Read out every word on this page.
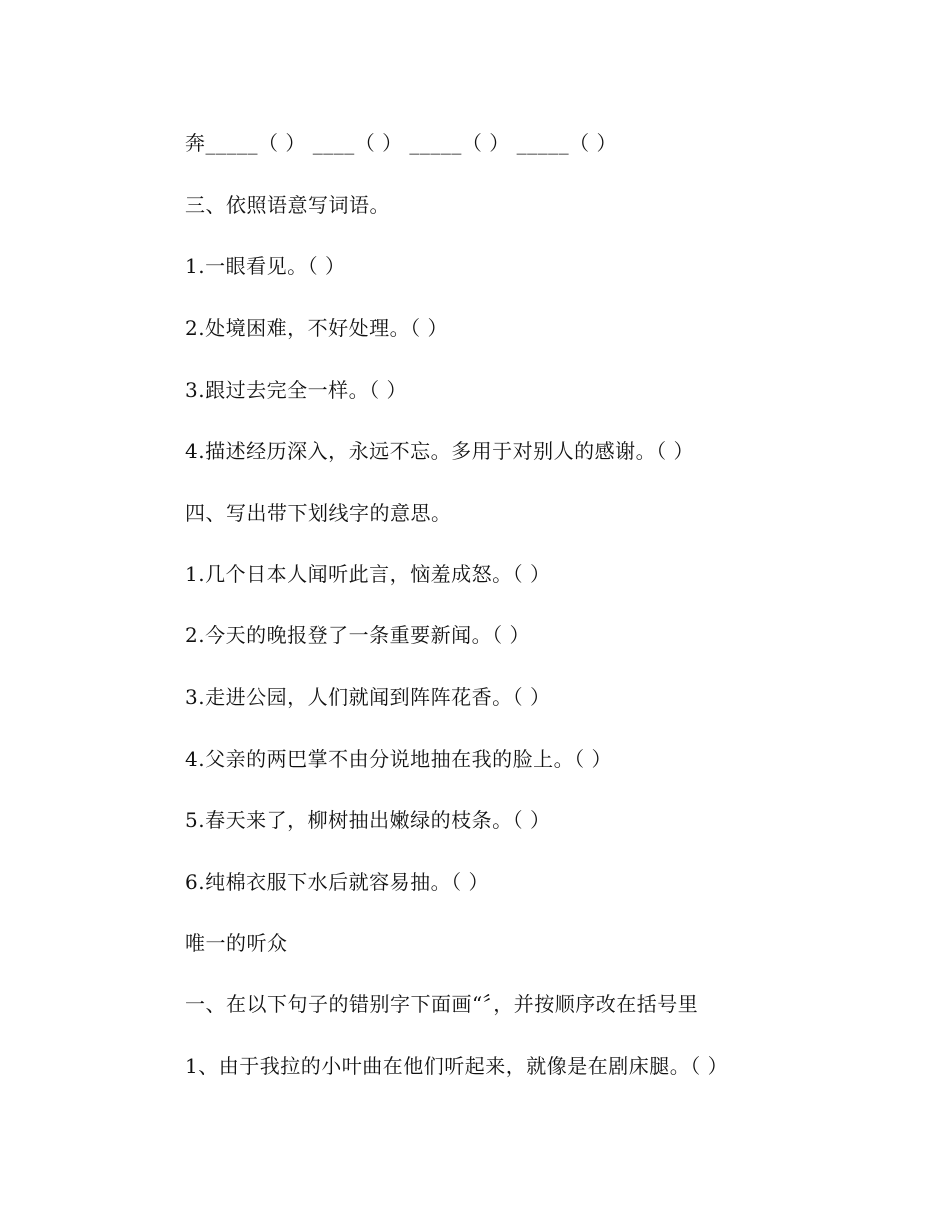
奔_____（ ） ____（ ） _____（ ） _____（ ）
三、依照语意写词语。
1.一眼看见。（ ）
2.处境困难，不好处理。（ ）
3.跟过去完全一样。（ ）
4.描述经历深入，永远不忘。多用于对别人的感谢。（ ）
四、写出带下划线字的意思。
1.几个日本人闻听此言，恼羞成怒。（ ）
2.今天的晚报登了一条重要新闻。（ ）
3.走进公园，人们就闻到阵阵花香。（ ）
4.父亲的两巴掌不由分说地抽在我的脸上。（ ）
5.春天来了，柳树抽出嫩绿的枝条。（ ）
6.纯棉衣服下水后就容易抽。（ ）
唯一的听众
一、在以下句子的错别字下面画“〞，并按顺序改在括号里
1、由于我拉的小叶曲在他们听起来，就像是在剧床腿。（ ）
